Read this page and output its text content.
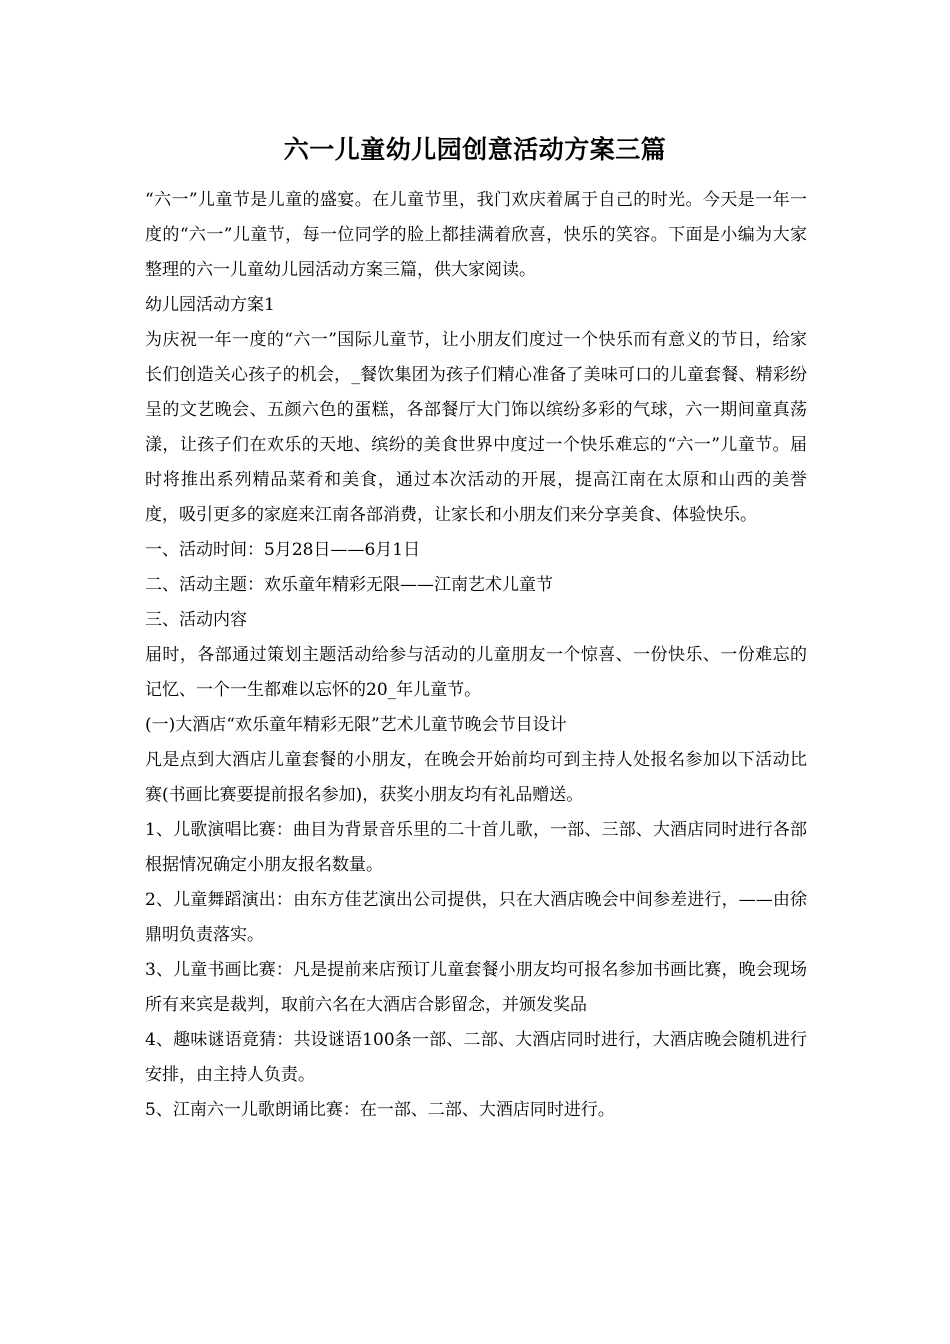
六一儿童幼儿园创意活动方案三篇

“六一”儿童节是儿童的盛宴。在儿童节里，我门欢庆着属于自己的时光。今天是一年一度的“六一”儿童节，每一位同学的脸上都挂满着欣喜，快乐的笑容。下面是小编为大家整理的六一儿童幼儿园活动方案三篇，供大家阅读。

幼儿园活动方案1

为庆祝一年一度的“六一”国际儿童节，让小朋友们度过一个快乐而有意义的节日，给家长们创造关心孩子的机会，_餐饮集团为孩子们精心准备了美味可口的儿童套餐、精彩纷呈的文艺晚会、五颜六色的蛋糕，各部餐厅大门饰以缤纷多彩的气球，六一期间童真荡漾，让孩子们在欢乐的天地、缤纷的美食世界中度过一个快乐难忘的“六一”儿童节。届时将推出系列精品菜肴和美食，通过本次活动的开展，提高江南在太原和山西的美誉度，吸引更多的家庭来江南各部消费，让家长和小朋友们来分享美食、体验快乐。

一、活动时间：5月28日——6月1日

二、活动主题：欢乐童年精彩无限——江南艺术儿童节

三、活动内容

届时，各部通过策划主题活动给参与活动的儿童朋友一个惊喜、一份快乐、一份难忘的记忆、一个一生都难以忘怀的20_年儿童节。

(一)大酒店“欢乐童年精彩无限”艺术儿童节晚会节目设计

凡是点到大酒店儿童套餐的小朋友，在晚会开始前均可到主持人处报名参加以下活动比赛(书画比赛要提前报名参加)，获奖小朋友均有礼品赠送。

1、儿歌演唱比赛：曲目为背景音乐里的二十首儿歌，一部、三部、大酒店同时进行各部根据情况确定小朋友报名数量。

2、儿童舞蹈演出：由东方佳艺演出公司提供，只在大酒店晚会中间参差进行，——由徐鼎明负责落实。

3、儿童书画比赛：凡是提前来店预订儿童套餐小朋友均可报名参加书画比赛，晚会现场所有来宾是裁判，取前六名在大酒店合影留念，并颁发奖品

4、趣味谜语竟猜：共设谜语100条一部、二部、大酒店同时进行，大酒店晚会随机进行安排，由主持人负责。

5、江南六一儿歌朗诵比赛：在一部、二部、大酒店同时进行。
